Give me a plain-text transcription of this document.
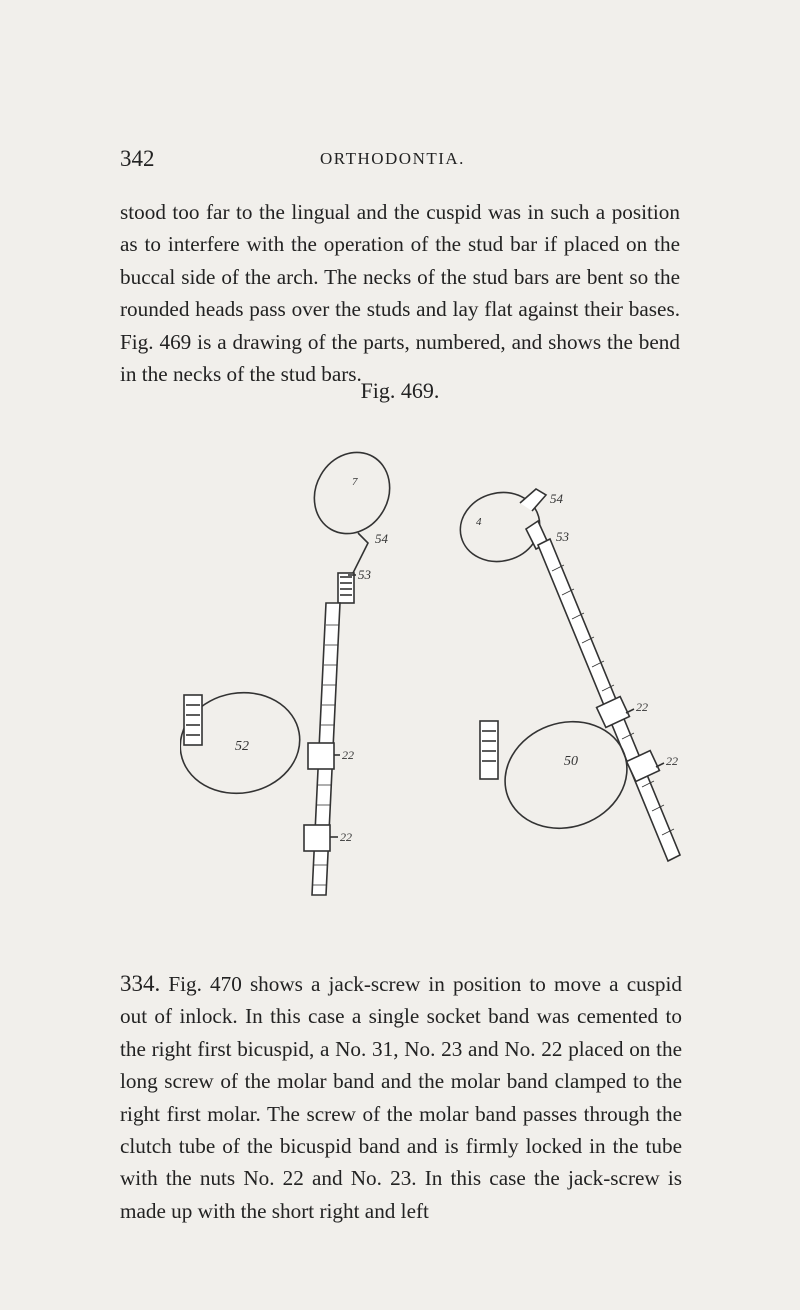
342	ORTHODONTIA.

stood too far to the lingual and the cuspid was in such a position as to interfere with the operation of the stud bar if placed on the buccal side of the arch. The necks of the stud bars are bent so the rounded heads pass over the studs and lay flat against their bases. Fig. 469 is a drawing of the parts, numbered, and shows the bend in the necks of the stud bars.

Fig. 469.
7
54
53
52
22
22
4
54
53
50
22
22

334. Fig. 470 shows a jack-screw in position to move a cuspid out of inlock. In this case a single socket band was cemented to the right first bicuspid, a No. 31, No. 23 and No. 22 placed on the long screw of the molar band and the molar band clamped to the right first molar. The screw of the molar band passes through the clutch tube of the bicuspid band and is firmly locked in the tube with the nuts No. 22 and No. 23. In this case the jack-screw is made up with the short right and left
